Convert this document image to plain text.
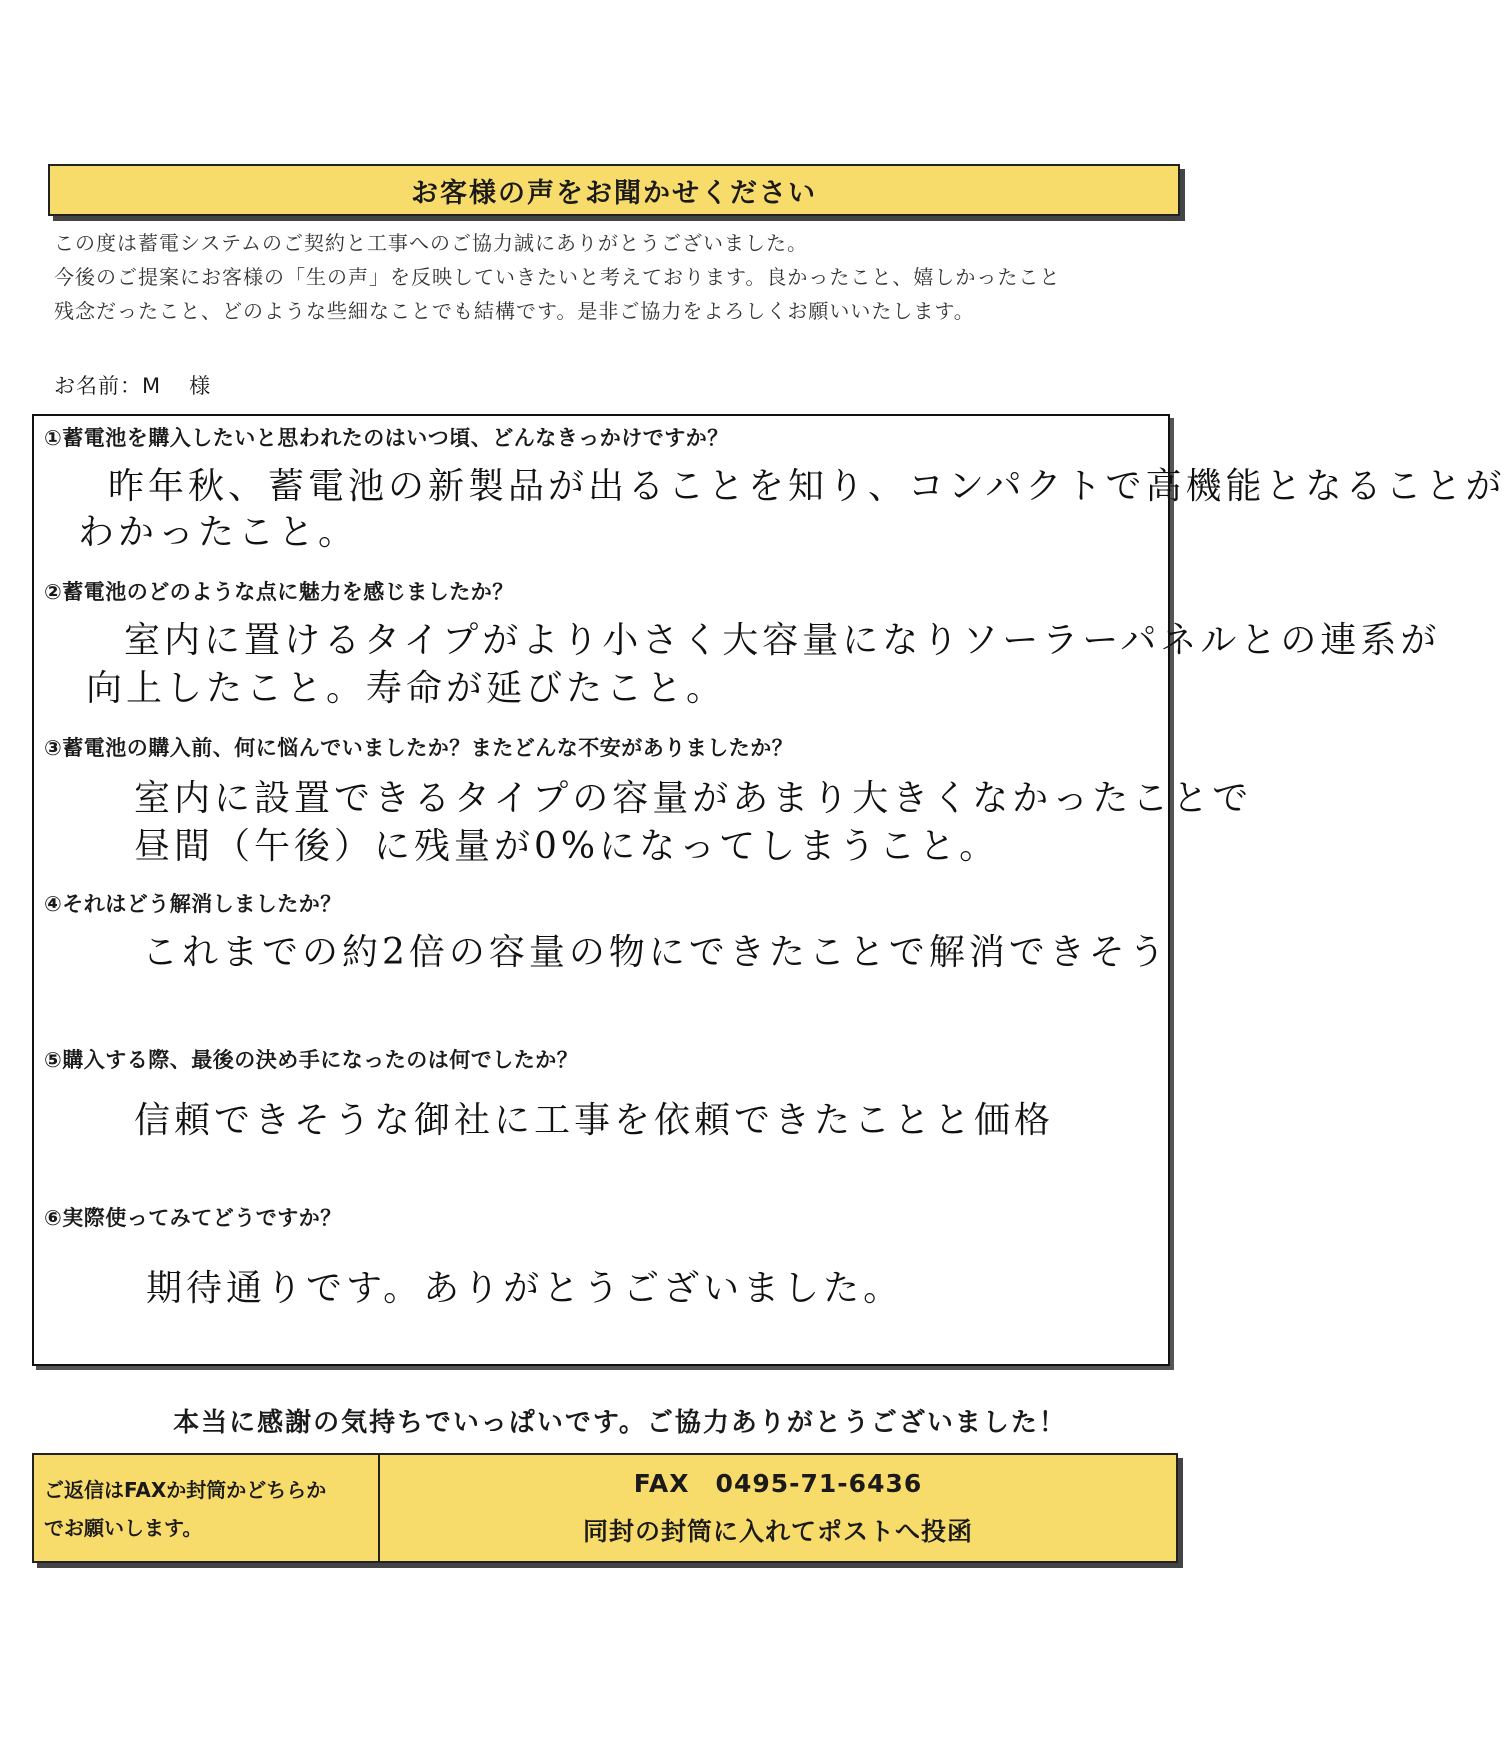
お客様の声をお聞かせください
この度は蓄電システムのご契約と工事へのご協力誠にありがとうございました。
今後のご提案にお客様の「生の声」を反映していきたいと考えております。良かったこと、嬉しかったこと
残念だったこと、どのような些細なことでも結構です。是非ご協力をよろしくお願いいたします。
お名前：M 様
①蓄電池を購入したいと思われたのはいつ頃、どんなきっかけですか？
昨年秋、蓄電池の新製品が出ることを知り、コンパクトで高機能となることが
わかったこと。
②蓄電池のどのような点に魅力を感じましたか？
室内に置けるタイプがより小さく大容量になりソーラーパネルとの連系が
向上したこと。寿命が延びたこと。
③蓄電池の購入前、何に悩んでいましたか？またどんな不安がありましたか？
室内に設置できるタイプの容量があまり大きくなかったことで
昼間（午後）に残量が0%になってしまうこと。
④それはどう解消しましたか？
これまでの約2倍の容量の物にできたことで解消できそう
⑤購入する際、最後の決め手になったのは何でしたか？
信頼できそうな御社に工事を依頼できたことと価格
⑥実際使ってみてどうですか？
期待通りです。ありがとうございました。
本当に感謝の気持ちでいっぱいです。ご協力ありがとうございました！
ご返信はFAXか封筒かどちらか
でお願いします。
FAX　0495-71-6436
同封の封筒に入れてポストへ投函
